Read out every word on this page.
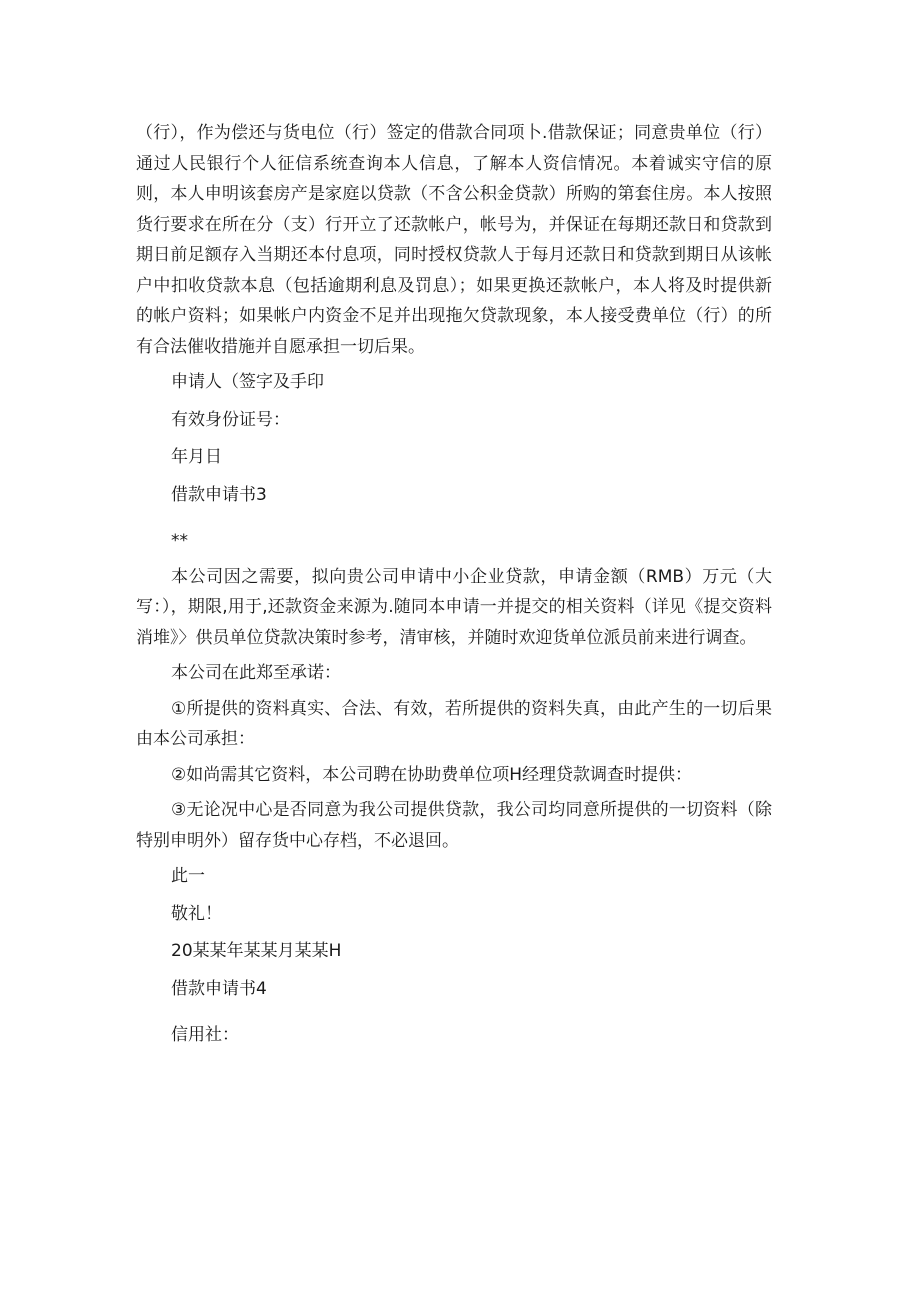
（行），作为偿还与货电位（行）签定的借款合同项卜.借款保证；同意贵单位（行）通过人民银行个人征信系统查询本人信息，了解本人资信情况。本着诚实守信的原则，本人申明该套房产是家庭以贷款（不含公积金贷款）所购的第套住房。本人按照货行要求在所在分（支）行开立了还款帐户，帐号为，并保证在每期还款日和贷款到期日前足额存入当期还本付息项，同时授权贷款人于每月还款日和贷款到期日从该帐户中扣收贷款本息（包括逾期利息及罚息）；如果更换还款帐户，本人将及时提供新的帐户资料；如果帐户内资金不足并出现拖欠贷款现象，本人接受费单位（行）的所有合法催收措施并自愿承担一切后果。

申请人（签字及手印

有效身份证号：

年月日

借款申请书3

**

本公司因之需要，拟向贵公司申请中小企业贷款，申请金额（RMB）万元（大写：），期限,用于,还款资金来源为.随同本申请一并提交的相关资料（详见《提交资料消堆》〉供员单位贷款决策时参考，清审核，并随时欢迎货单位派员前来进行调查。

本公司在此郑至承诺：

①所提供的资料真实、合法、有效，若所提供的资料失真，由此产生的一切后果由本公司承担：

②如尚需其它资料，本公司聘在协助费单位项H经理贷款调查时提供：

③无论况中心是否同意为我公司提供贷款，我公司均同意所提供的一切资料（除特别申明外）留存货中心存档，不必退回。

此一

敬礼！

20某某年某某月某某H

借款申请书4

信用社：
